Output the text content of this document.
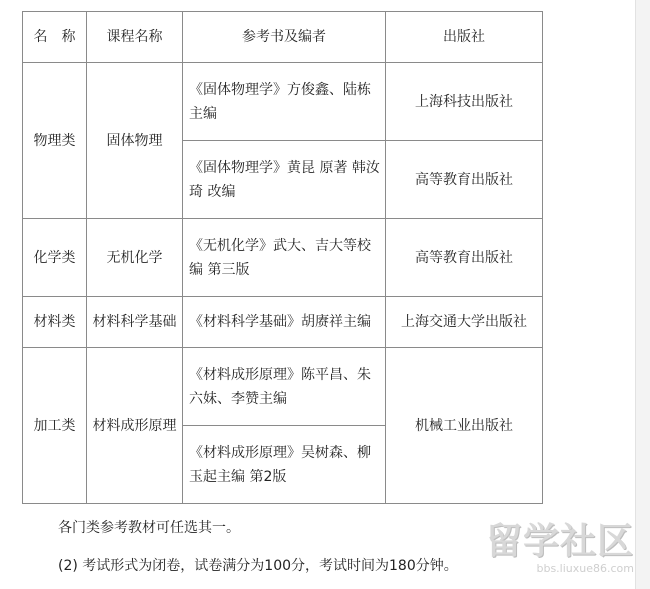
名　称	课程名称	参考书及编者	出版社
物理类	固体物理	《固体物理学》方俊鑫、陆栋主编	上海科技出版社
		《固体物理学》黄昆 原著 韩汝琦 改编	高等教育出版社
化学类	无机化学	《无机化学》武大、吉大等校编 第三版	高等教育出版社
材料类	材料科学基础	《材料科学基础》胡赓祥主编	上海交通大学出版社
加工类	材料成形原理	《材料成形原理》陈平昌、朱六妹、李赞主编	机械工业出版社
		《材料成形原理》吴树森、柳玉起主编 第2版	
各门类参考教材可任选其一。
(2) 考试形式为闭卷，试卷满分为100分，考试时间为180分钟。
留学社区
bbs.liuxue86.com
